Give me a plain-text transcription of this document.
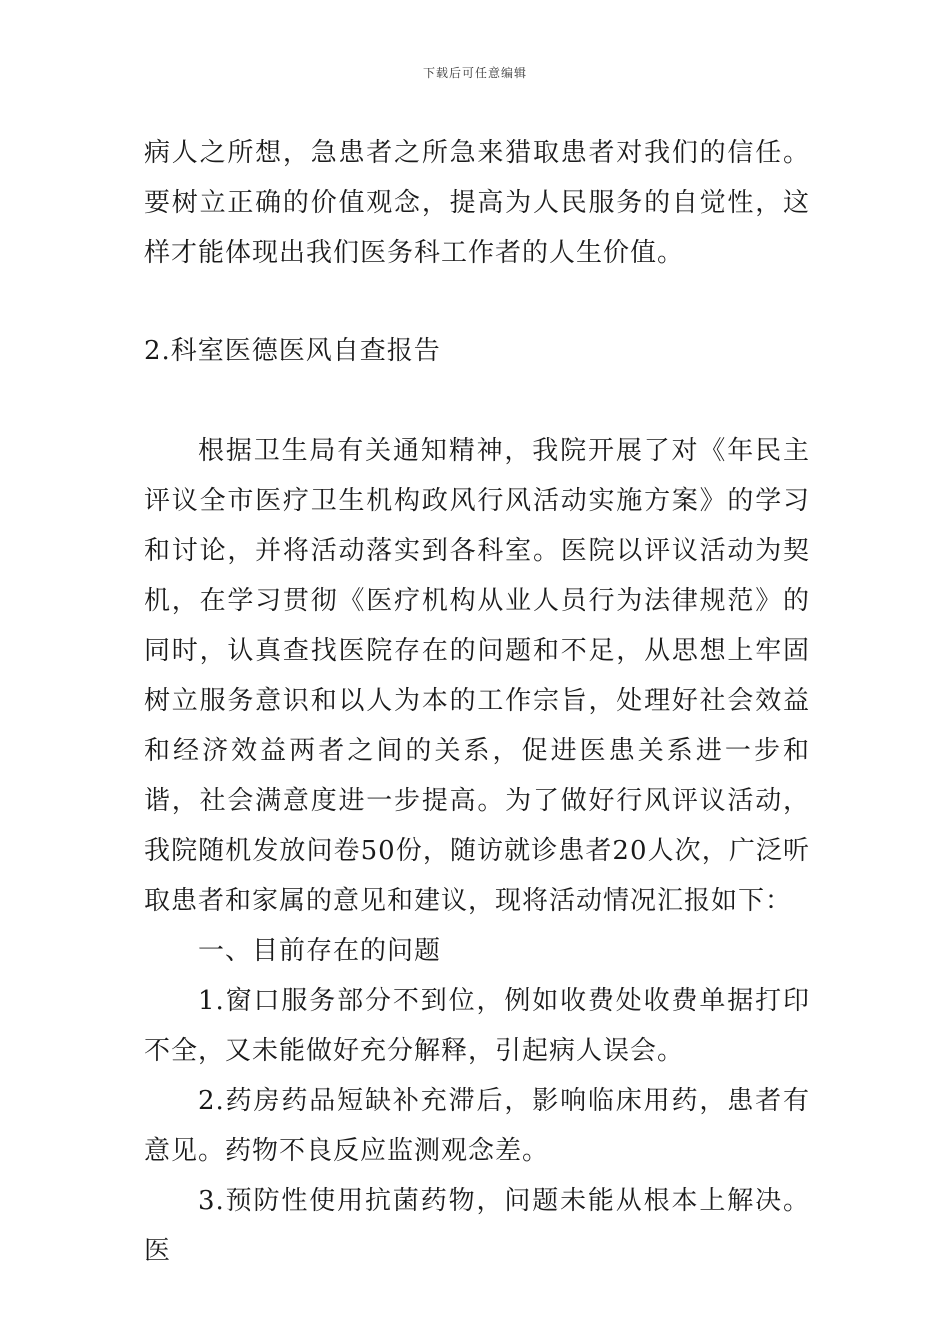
下载后可任意编辑

病人之所想，急患者之所急来猎取患者对我们的信任。要树立正确的价值观念，提高为人民服务的自觉性，这样才能体现出我们医务科工作者的人生价值。

2.科室医德医风自查报告

根据卫生局有关通知精神，我院开展了对《年民主评议全市医疗卫生机构政风行风活动实施方案》的学习和讨论，并将活动落实到各科室。医院以评议活动为契机，在学习贯彻《医疗机构从业人员行为法律规范》的同时，认真查找医院存在的问题和不足，从思想上牢固树立服务意识和以人为本的工作宗旨，处理好社会效益和经济效益两者之间的关系，促进医患关系进一步和谐，社会满意度进一步提高。为了做好行风评议活动，我院随机发放问卷50份，随访就诊患者20人次，广泛听取患者和家属的意见和建议，现将活动情况汇报如下：

一、目前存在的问题

1.窗口服务部分不到位，例如收费处收费单据打印不全，又未能做好充分解释，引起病人误会。

2.药房药品短缺补充滞后，影响临床用药，患者有意见。药物不良反应监测观念差。

3.预防性使用抗菌药物，问题未能从根本上解决。医
